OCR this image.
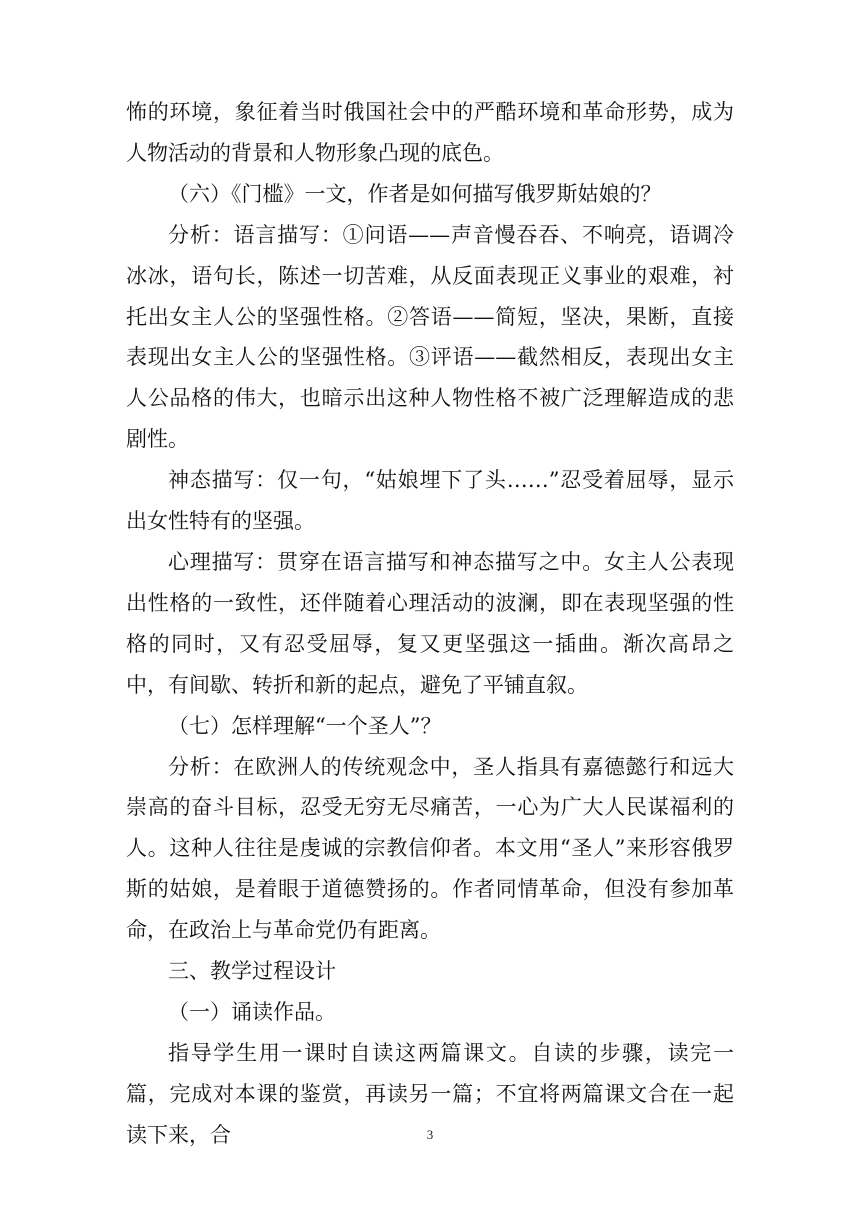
怖的环境，象征着当时俄国社会中的严酷环境和革命形势，成为人物活动的背景和人物形象凸现的底色。

（六）《门槛》一文，作者是如何描写俄罗斯姑娘的？

分析：语言描写：①问语——声音慢吞吞、不响亮，语调冷冰冰，语句长，陈述一切苦难，从反面表现正义事业的艰难，衬托出女主人公的坚强性格。②答语——简短，坚决，果断，直接表现出女主人公的坚强性格。③评语——截然相反，表现出女主人公品格的伟大，也暗示出这种人物性格不被广泛理解造成的悲剧性。

神态描写：仅一句，“姑娘埋下了头……”忍受着屈辱，显示出女性特有的坚强。

心理描写：贯穿在语言描写和神态描写之中。女主人公表现出性格的一致性，还伴随着心理活动的波澜，即在表现坚强的性格的同时，又有忍受屈辱，复又更坚强这一插曲。渐次高昂之中，有间歇、转折和新的起点，避免了平铺直叙。

（七）怎样理解“一个圣人”？

分析：在欧洲人的传统观念中，圣人指具有嘉德懿行和远大崇高的奋斗目标，忍受无穷无尽痛苦，一心为广大人民谋福利的人。这种人往往是虔诚的宗教信仰者。本文用“圣人”来形容俄罗斯的姑娘，是着眼于道德赞扬的。作者同情革命，但没有参加革命，在政治上与革命党仍有距离。

三、教学过程设计

（一）诵读作品。

指导学生用一课时自读这两篇课文。自读的步骤，读完一篇，完成对本课的鉴赏，再读另一篇；不宜将两篇课文合在一起读下来，合	3
